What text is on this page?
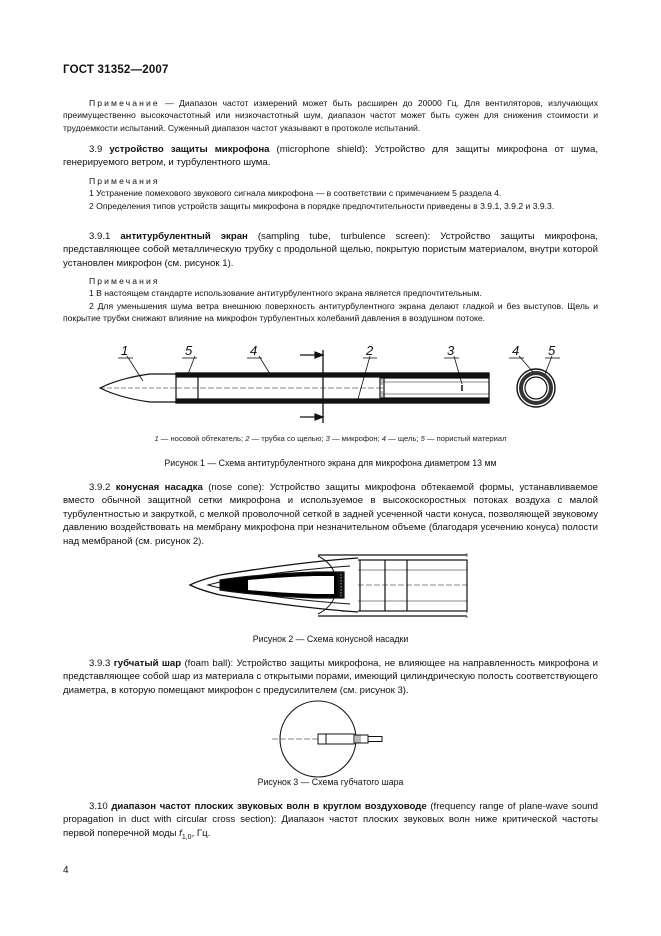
ГОСТ 31352—2007
Примечание — Диапазон частот измерений может быть расширен до 20000 Гц. Для вентиляторов, излучающих преимущественно высокочастотный или низкочастотный шум, диапазон частот может быть сужен для снижения стоимости и трудоемкости испытаний. Суженный диапазон частот указывают в протоколе испытаний.
3.9 устройство защиты микрофона (microphone shield): Устройство для защиты микрофона от шума, генерируемого ветром, и турбулентного шума.

Примечания

1 Устранение помехового звукового сигнала микрофона — в соответствии с примечанием 5 раздела 4.

2 Определения типов устройств защиты микрофона в порядке предпочтительности приведены в 3.9.1, 3.9.2 и 3.9.3.

3.9.1 антитурбулентный экран (sampling tube, turbulence screen): Устройство защиты микрофона, представляющее собой металлическую трубку с продольной щелью, покрытую пористым материалом, внутри которой установлен микрофон (см. рисунок 1).

Примечания

1 В настоящем стандарте использование антитурбулентного экрана является предпочтительным.

2 Для уменьшения шума ветра внешнюю поверхность антитурбулентного экрана делают гладкой и без выступов. Щель и покрытие трубки снижают влияние на микрофон турбулентных колебаний давления в воздушном потоке.

1	5	4	2	3	4 5
1 — носовой обтекатель; 2 — трубка со щелью; 3 — микрофон; 4 — щель; 5 — пористый материал
Рисунок 1 — Схема антитурбулентного экрана для микрофона диаметром 13 мм
3.9.2 конусная насадка (nose cone): Устройство защиты микрофона обтекаемой формы, устанавливаемое вместо обычной защитной сетки микрофона и используемое в высокоскоростных потоках воздуха с малой турбулентностью и закруткой, с мелкой проволочной сеткой в задней усеченной части конуса, позволяющей звуковому давлению воздействовать на мембрану микрофона при незначительном объеме (благодаря усечению конуса) полости над мембраной (см. рисунок 2).
Рисунок 2 — Схема конусной насадки
3.9.3 губчатый шар (foam ball): Устройство защиты микрофона, не влияющее на направленность микрофона и представляющее собой шар из материала с открытыми порами, имеющий цилиндрическую полость соответствующего диаметра, в которую помещают микрофон с предусилителем (см. рисунок 3).
Рисунок 3 — Схема губчатого шара
3.10 диапазон частот плоских звуковых волн в круглом воздуховоде (frequency range of plane-wave sound propagation in duct with circular cross section): Диапазон частот плоских звуковых волн ниже критической частоты первой поперечной моды $f_{1,0}$, Гц.
4
